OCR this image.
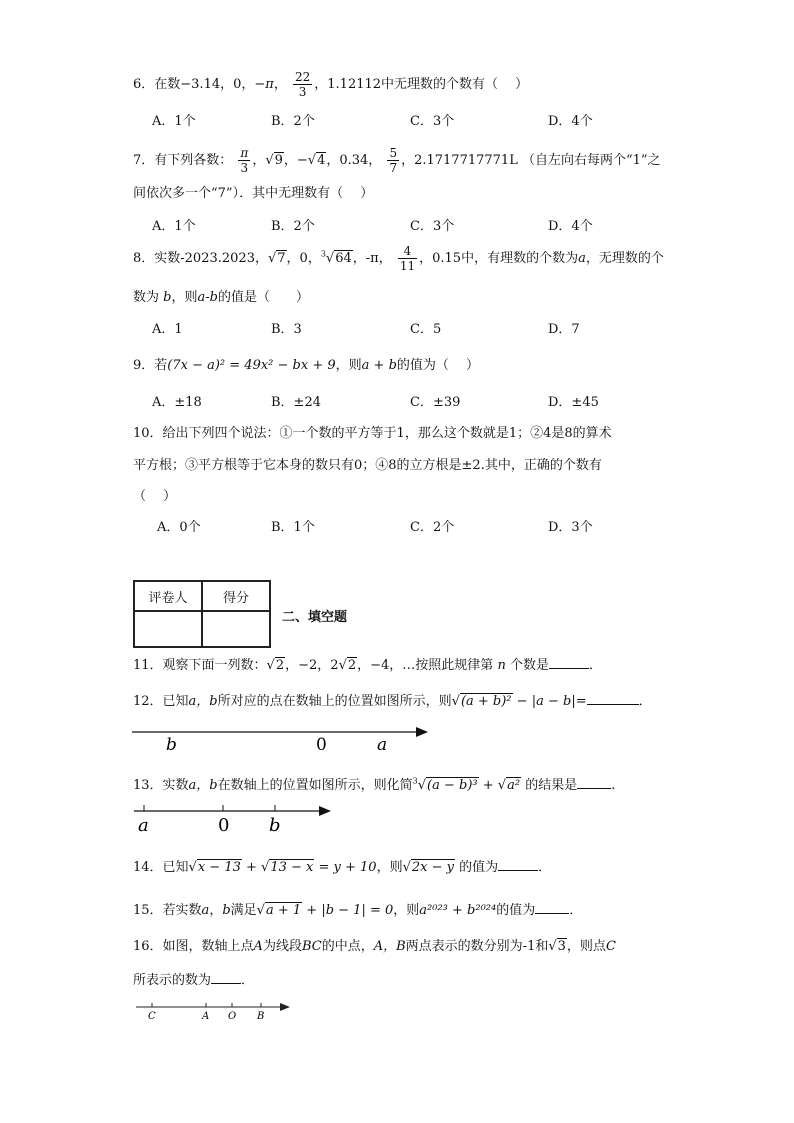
6．在数−3.14，0，−π， $\frac{22}{3}$ ，1.12112中无理数的个数有（　 ）
A．1个	B．2个	C．3个	D．4个
7．有下列各数： $\frac{\pi}{3}$ ，√9，−√4，0.34， $\frac{5}{7}$ ，2.1717717771L （自左向右每两个“1”之
间依次多一个“7”）．其中无理数有（　 ）
A．1个	B．2个	C．3个	D．4个
8．实数-2023.2023，√7，0，$^3$√64，-π， $\frac{4}{11}$ ，0.15中，有理数的个数为a，无理数的个
数为 b，则a-b的值是（　　）
A．1	B．3	C．5	D．7
9．若(7x − a)² = 49x² − bx + 9，则a + b的值为（　 ）
A．±18	B．±24	C．±39	D．±45
10．给出下列四个说法：①一个数的平方等于1，那么这个数就是1；②4是8的算术
平方根；③平方根等于它本身的数只有0；④8的立方根是±2.其中，正确的个数有
（　 ）
A．0个	B．1个	C．2个	D．3个
评卷人	得分

二、填空题
11．观察下面一列数：√2，−2，2√2，−4，…按照此规律第 n 个数是	．
12．已知a，b所对应的点在数轴上的位置如图所示，则√(a + b)² − |a − b|=	．
b	0	a
13．实数a，b在数轴上的位置如图所示，则化简$^3$√(a − b)³ + √a² 的结果是	.
a	0 b
14．已知√x − 13 + √13 − x = y + 10，则√2x − y 的值为	．
15．若实数a，b满足√a + 1 + |b − 1| = 0，则a²⁰²³ + b²⁰²⁴的值为	．
16．如图，数轴上点A为线段BC的中点，A，B两点表示的数分别为-1和√3，则点C
所表示的数为 ．
C	A O B
